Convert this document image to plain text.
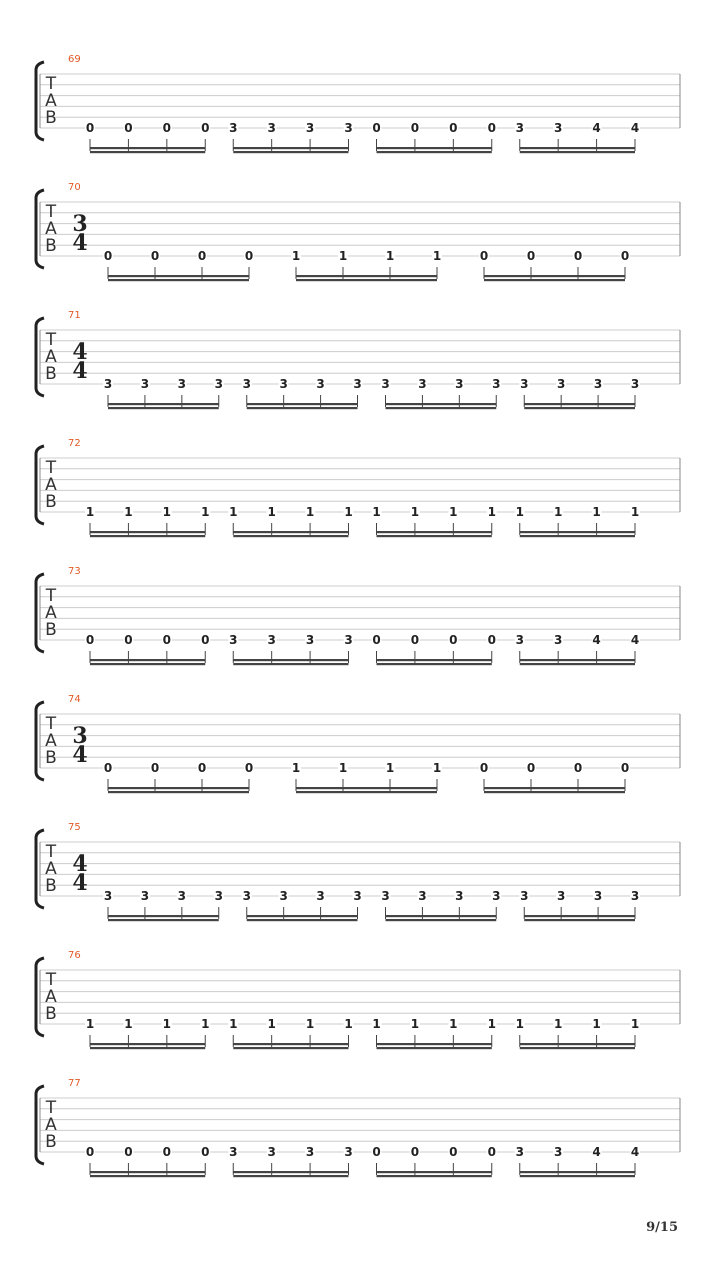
T
A
B
69
0	0	0	0 3	3	3	3 0	0	0	0 3	3	4	4
T
A
B
70
3
4 0	0	0	0	1	1	1	1	0	0	0	0
T
A
B
71
4
4 3 3 3 3 3 3 3 3 3 3 3 3 3 3 3 3
T
A
B
72
1	1	1	1 1	1	1	1 1	1	1	1 1	1	1	1
T
A
B
73
0	0	0	0 3	3	3	3 0	0	0	0 3	3	4	4
T
A
B
74
3
4 0	0	0	0	1	1	1	1	0	0	0	0
T
A
B
75
4
4 3 3 3 3 3 3 3 3 3 3 3 3 3 3 3 3
T
A
B
76
1	1	1	1 1	1	1	1 1	1	1	1 1	1	1	1
T
A
B
77
0	0	0	0 3	3	3	3 0	0	0	0 3	3	4	4
9/15
